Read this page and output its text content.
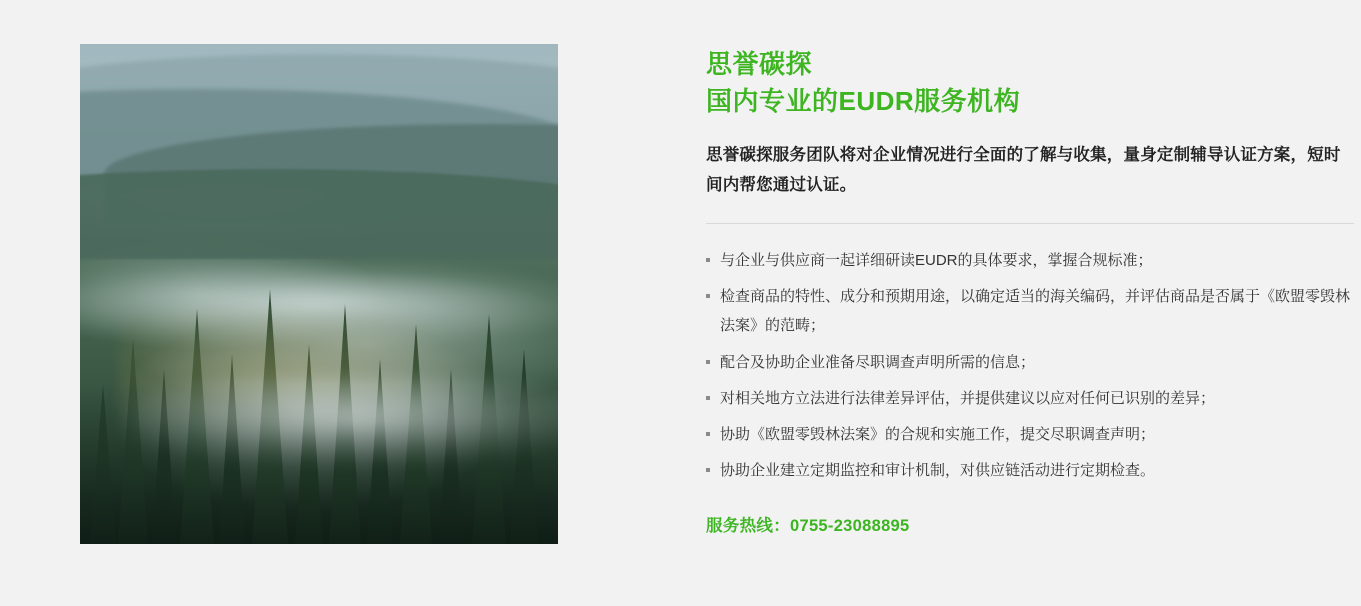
思誉碳探
国内专业的EUDR服务机构

思誉碳探服务团队将对企业情况进行全面的了解与收集，量身定制辅导认证方案，短时间内帮您通过认证。

与企业与供应商一起详细研读EUDR的具体要求，掌握合规标准；
检查商品的特性、成分和预期用途，以确定适当的海关编码，并评估商品是否属于《欧盟零毁林法案》的范畴；
配合及协助企业准备尽职调查声明所需的信息；
对相关地方立法进行法律差异评估，并提供建议以应对任何已识别的差异；
协助《欧盟零毁林法案》的合规和实施工作，提交尽职调查声明；
协助企业建立定期监控和审计机制，对供应链活动进行定期检查。
服务热线：0755-23088895
